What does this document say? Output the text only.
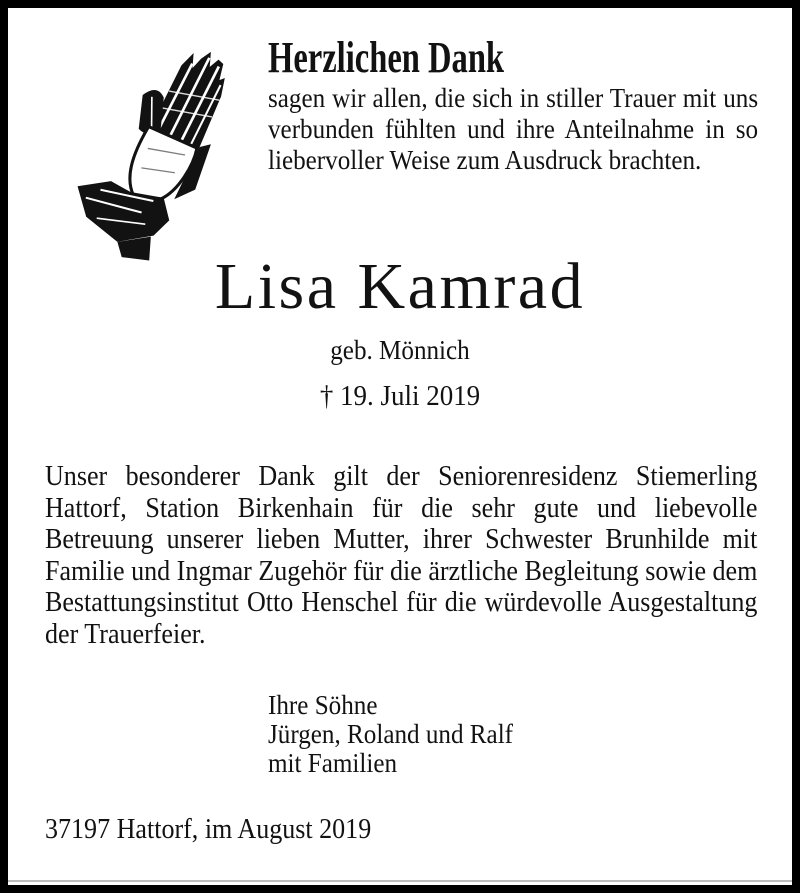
Herzlichen Dank
sagen wir allen, die sich in stiller Trauer mit uns verbunden fühlten und ihre Anteilnahme in so liebervoller Weise zum Ausdruck brachten.
Lisa Kamrad
geb. Mönnich
† 19. Juli 2019
Unser besonderer Dank gilt der Seniorenresidenz Stiemerling Hattorf, Station Birkenhain für die sehr gute und liebevolle Betreuung unserer lieben Mutter, ihrer Schwester Brunhilde mit Familie und Ingmar Zugehör für die ärztliche Begleitung sowie dem Bestattungsinstitut Otto Henschel für die würdevolle Ausgestaltung der Trauerfeier.
Ihre Söhne
Jürgen, Roland und Ralf
mit Familien
37197 Hattorf, im August 2019
